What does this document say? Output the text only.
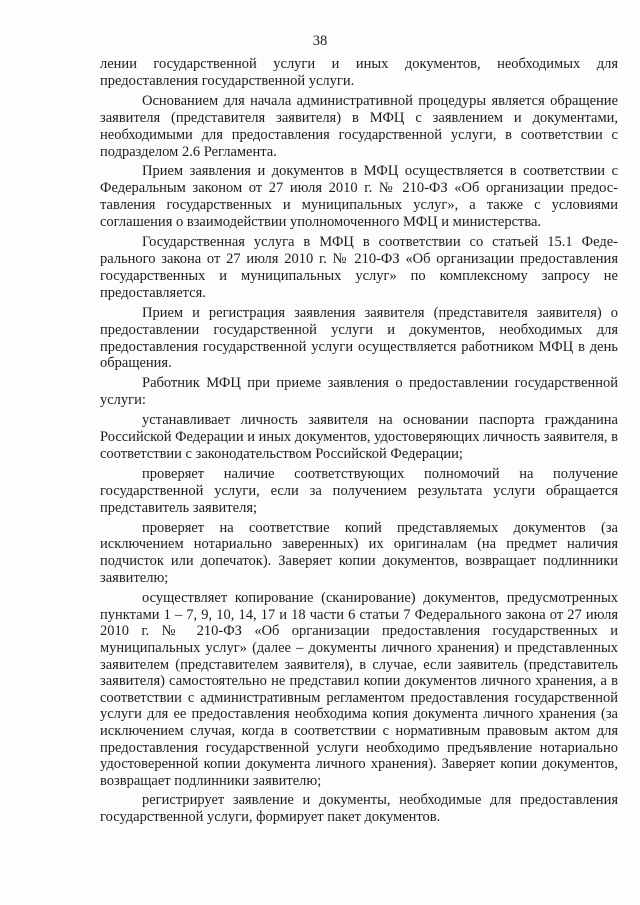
38

лении государственной услуги и иных документов, необходимых для предоставления государственной услуги.

Основанием для начала административной процедуры является обращение заявителя (представителя заявителя) в МФЦ с заявлением и документами, необходимыми для предоставления государственной услуги, в соответствии с подразделом 2.6 Регламента.

Прием заявления и документов в МФЦ осуществляется в соответствии с Федеральным законом от 27 июля 2010 г. № 210-ФЗ «Об организации предоставления государственных и муниципальных услуг», а также с условиями соглашения о взаимодействии уполномоченного МФЦ и министерства.

Государственная услуга в МФЦ в соответствии со статьей 15.1 Федерального закона от 27 июля 2010 г. № 210-ФЗ «Об организации предоставления государственных и муниципальных услуг» по комплексному запросу не предоставляется.

Прием и регистрация заявления заявителя (представителя заявителя) о предоставлении государственной услуги и документов, необходимых для предоставления государственной услуги осуществляется работником МФЦ в день обращения.

Работник МФЦ при приеме заявления о предоставлении государственной услуги:

устанавливает личность заявителя на основании паспорта гражданина Российской Федерации и иных документов, удостоверяющих личность заявителя, в соответствии с законодательством Российской Федерации;

проверяет наличие соответствующих полномочий на получение государственной услуги, если за получением результата услуги обращается представитель заявителя;

проверяет на соответствие копий представляемых документов (за исключением нотариально заверенных) их оригиналам (на предмет наличия подчисток или допечаток). Заверяет копии документов, возвращает подлинники заявителю;

осуществляет копирование (сканирование) документов, предусмотренных пунктами 1 – 7, 9, 10, 14, 17 и 18 части 6 статьи 7 Федерального закона от 27 июля 2010 г. № 210-ФЗ «Об организации предоставления государственных и муниципальных услуг» (далее – документы личного хранения) и представленных заявителем (представителем заявителя), в случае, если заявитель (представитель заявителя) самостоятельно не представил копии документов личного хранения, а в соответствии с административным регламентом предоставления государственной услуги для ее предоставления необходима копия документа личного хранения (за исключением случая, когда в соответствии с нормативным правовым актом для предоставления государственной услуги необходимо предъявление нотариально удостоверенной копии документа личного хранения). Заверяет копии документов, возвращает подлинники заявителю;

регистрирует заявление и документы, необходимые для предоставления государственной услуги, формирует пакет документов.
